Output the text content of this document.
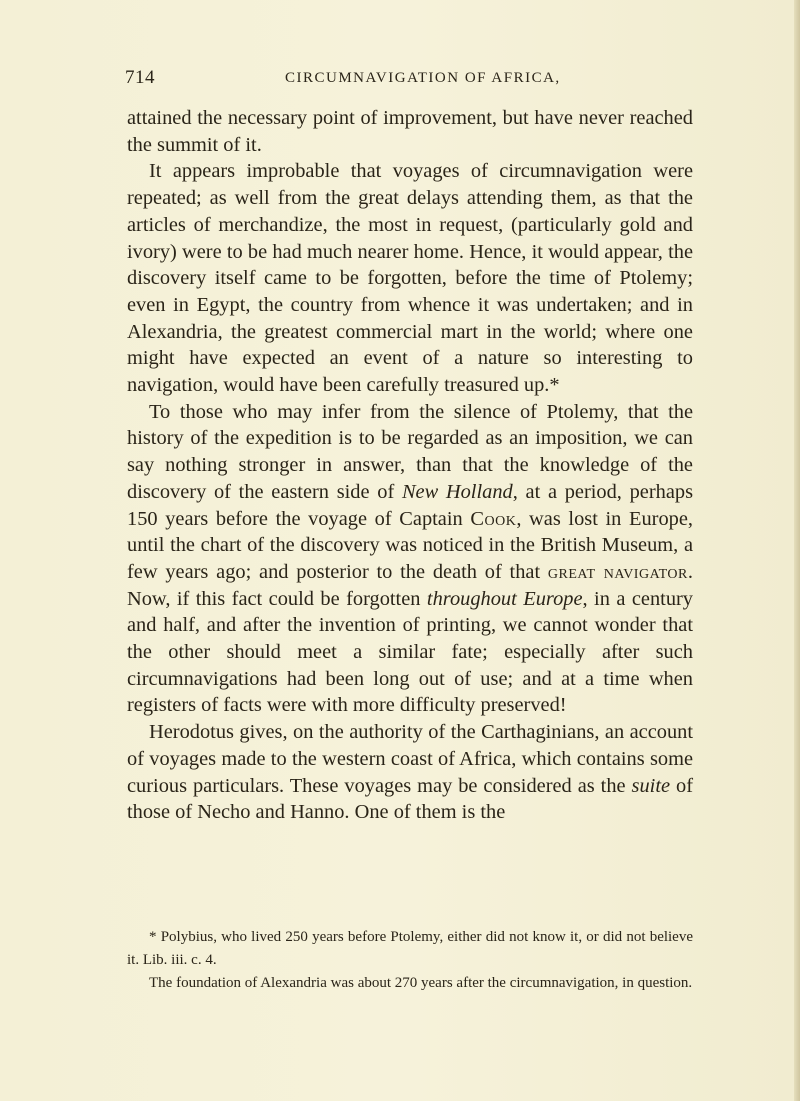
714	CIRCUMNAVIGATION OF AFRICA,

attained the necessary point of improvement, but have never reached the summit of it.

It appears improbable that voyages of circumnavigation were repeated; as well from the great delays attending them, as that the articles of merchandize, the most in request, (particularly gold and ivory) were to be had much nearer home. Hence, it would appear, the discovery itself came to be forgotten, before the time of Ptolemy; even in Egypt, the country from whence it was undertaken; and in Alexandria, the greatest commercial mart in the world; where one might have expected an event of a nature so interesting to navigation, would have been carefully treasured up.*

To those who may infer from the silence of Ptolemy, that the history of the expedition is to be regarded as an imposition, we can say nothing stronger in answer, than that the knowledge of the discovery of the eastern side of New Holland, at a period, perhaps 150 years before the voyage of Captain Cook, was lost in Europe, until the chart of the discovery was noticed in the British Museum, a few years ago; and posterior to the death of that great navigator. Now, if this fact could be forgotten throughout Europe, in a century and half, and after the invention of printing, we cannot wonder that the other should meet a similar fate; especially after such circumnavigations had been long out of use; and at a time when registers of facts were with more difficulty preserved!

Herodotus gives, on the authority of the Carthaginians, an account of voyages made to the western coast of Africa, which contains some curious particulars. These voyages may be considered as the suite of those of Necho and Hanno. One of them is the

* Polybius, who lived 250 years before Ptolemy, either did not know it, or did not believe it. Lib. iii. c. 4.

The foundation of Alexandria was about 270 years after the circumnavigation, in question.
